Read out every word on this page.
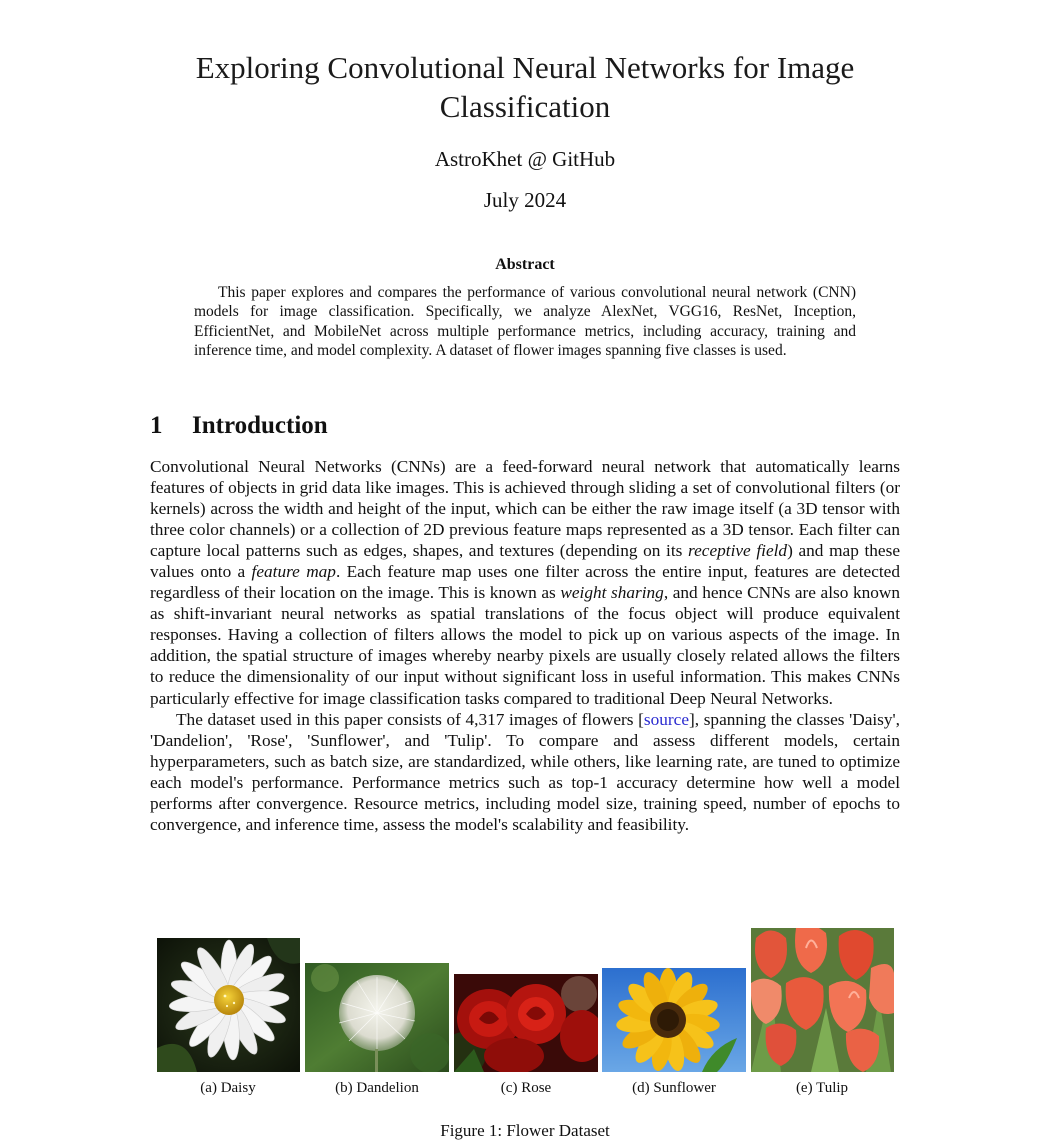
Exploring Convolutional Neural Networks for Image Classification
AstroKhet @ GitHub
July 2024
Abstract
This paper explores and compares the performance of various convolutional neural network (CNN) models for image classification. Specifically, we analyze AlexNet, VGG16, ResNet, Inception, EfficientNet, and MobileNet across multiple performance metrics, including accuracy, training and inference time, and model complexity. A dataset of flower images spanning five classes is used.
1 Introduction

Convolutional Neural Networks (CNNs) are a feed-forward neural network that automatically learns features of objects in grid data like images. This is achieved through sliding a set of convolutional filters (or kernels) across the width and height of the input, which can be either the raw image itself (a 3D tensor with three color channels) or a collection of 2D previous feature maps represented as a 3D tensor. Each filter can capture local patterns such as edges, shapes, and textures (depending on its receptive field) and map these values onto a feature map. Each feature map uses one filter across the entire input, features are detected regardless of their location on the image. This is known as weight sharing, and hence CNNs are also known as shift-invariant neural networks as spatial translations of the focus object will produce equivalent responses. Having a collection of filters allows the model to pick up on various aspects of the image. In addition, the spatial structure of images whereby nearby pixels are usually closely related allows the filters to reduce the dimensionality of our input without significant loss in useful information. This makes CNNs particularly effective for image classification tasks compared to traditional Deep Neural Networks.

The dataset used in this paper consists of 4,317 images of flowers [source], spanning the classes 'Daisy', 'Dandelion', 'Rose', 'Sunflower', and 'Tulip'. To compare and assess different models, certain hyperparameters, such as batch size, are standardized, while others, like learning rate, are tuned to optimize each model's performance. Performance metrics such as top-1 accuracy determine how well a model performs after convergence. Resource metrics, including model size, training speed, number of epochs to convergence, and inference time, assess the model's scalability and feasibility.

(a) Daisy	(b) Dandelion	(c) Rose	(d) Sunflower	(e) Tulip
Figure 1: Flower Dataset
